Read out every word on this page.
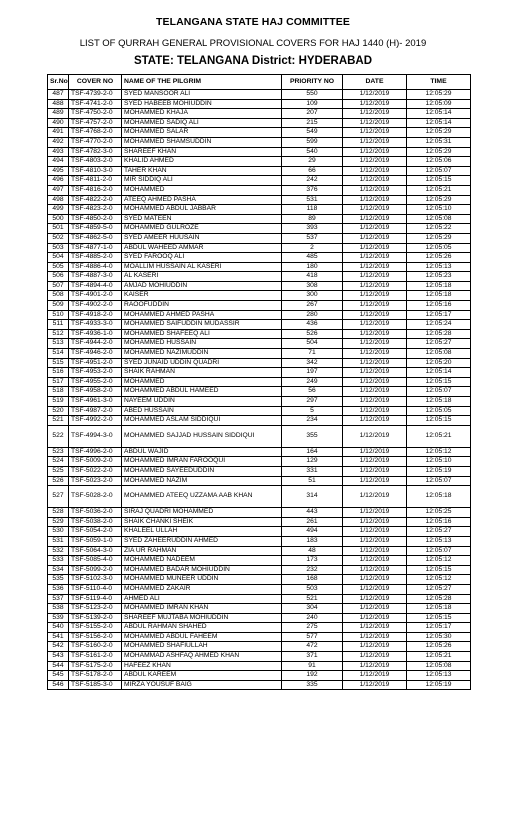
TELANGANA STATE HAJ COMMITTEE
LIST OF QURRAH GENERAL PROVISIONAL COVERS FOR HAJ 1440 (H)- 2019
STATE: TELANGANA District: HYDERABAD
Sr.No	COVER NO	NAME OF THE PILGRIM	PRIORITY NO	DATE	TIME
487	TSF-4739-2-0	SYED MANSOOR ALI	550	1/12/2019	12:05:29
488	TSF-4741-2-0	SYED HABEEB MOHIUDDIN	109	1/12/2019	12:05:09
489	TSF-4750-2-0	MOHAMMED KHAJA	207	1/12/2019	12:05:14
490	TSF-4757-2-0	MOHAMMED SADIQ ALI	215	1/12/2019	12:05:14
491	TSF-4768-2-0	MOHAMMED SALAR	549	1/12/2019	12:05:29
492	TSF-4770-2-0	MOHAMMED SHAMSUDDIN	599	1/12/2019	12:05:31
493	TSF-4782-3-0	SHAREEF KHAN	540	1/12/2019	12:05:29
494	TSF-4803-2-0	KHALID AHMED	29	1/12/2019	12:05:06
495	TSF-4810-3-0	TAHER KHAN	66	1/12/2019	12:05:07
496	TSF-4811-2-0	MIR SIDDIQ ALI	242	1/12/2019	12:05:15
497	TSF-4816-2-0	MOHAMMED	376	1/12/2019	12:05:21
498	TSF-4822-2-0	ATEEQ AHMED PASHA	531	1/12/2019	12:05:29
499	TSF-4823-2-0	MOHAMMED ABDUL JABBAR	118	1/12/2019	12:05:10
500	TSF-4850-2-0	SYED MATEEN	89	1/12/2019	12:05:08
501	TSF-4859-5-0	MOHAMMED GULROZE	393	1/12/2019	12:05:22
502	TSF-4862-5-0	SYED AMEER HUUSAIN	537	1/12/2019	12:05:29
503	TSF-4877-1-0	ABDUL WAHEED AMMAR	2	1/12/2019	12:05:05
504	TSF-4885-2-0	SYED FAROOQ ALI	485	1/12/2019	12:05:26
505	TSF-4886-4-0	MOALLIM HUSSAIN AL KASERI	180	1/12/2019	12:05:13
506	TSF-4887-3-0	AL KASERI	418	1/12/2019	12:05:23
507	TSF-4894-4-0	AMJAD MOHIUDDIN	308	1/12/2019	12:05:18
508	TSF-4901-2-0	KAISER	300	1/12/2019	12:05:18
509	TSF-4902-2-0	RAOOFUDDIN	267	1/12/2019	12:05:16
510	TSF-4918-2-0	MOHAMMED AHMED PASHA	280	1/12/2019	12:05:17
511	TSF-4933-3-0	MOHAMMED SAIFUDDIN MUDASSIR	436	1/12/2019	12:05:24
512	TSF-4936-1-0	MOHAMMED SHAFEEQ ALI	526	1/12/2019	12:05:28
513	TSF-4944-2-0	MOHAMMED HUSSAIN	504	1/12/2019	12:05:27
514	TSF-4946-2-0	MOHAMMED NAZIMUDDIN	71	1/12/2019	12:05:08
515	TSF-4951-2-0	SYED JUNAID UDDIN QUADRI	342	1/12/2019	12:05:20
516	TSF-4953-2-0	SHAIK RAHMAN	197	1/12/2019	12:05:14
517	TSF-4955-2-0	MOHAMMED	249	1/12/2019	12:05:15
518	TSF-4958-2-0	MOHAMMED ABDUL HAMEED	56	1/12/2019	12:05:07
519	TSF-4961-3-0	NAYEEM UDDIN	297	1/12/2019	12:05:18
520	TSF-4987-2-0	ABED HUSSAIN	5	1/12/2019	12:05:05
521	TSF-4992-2-0	MOHAMMED ASLAM SIDDIQUI	234	1/12/2019	12:05:15
522	TSF-4994-3-0	MOHAMMED SAJJAD HUSSAIN SIDDIQUI	355	1/12/2019	12:05:21
523	TSF-4996-2-0	ABDUL WAJID	164	1/12/2019	12:05:12
524	TSF-5009-2-0	MOHAMMED IMRAN FAROOQUI	129	1/12/2019	12:05:10
525	TSF-5022-2-0	MOHAMMED SAYEEDUDDIN	331	1/12/2019	12:05:19
526	TSF-5023-2-0	MOHAMMED NAZIM	51	1/12/2019	12:05:07
527	TSF-5028-2-0	MOHAMMED ATEEQ UZZAMA AAB KHAN	314	1/12/2019	12:05:18
528	TSF-5036-2-0	SIRAJ QUADRI MOHAMMED	443	1/12/2019	12:05:25
529	TSF-5038-2-0	SHAIK CHANKI SHEIK	261	1/12/2019	12:05:16
530	TSF-5054-2-0	KHALEEL ULLAH	494	1/12/2019	12:05:27
531	TSF-5059-1-0	SYED ZAHEERUDDIN AHMED	183	1/12/2019	12:05:13
532	TSF-5064-3-0	ZIA UR RAHMAN	48	1/12/2019	12:05:07
533	TSF-5085-4-0	MOHAMMED NADEEM	173	1/12/2019	12:05:12
534	TSF-5099-2-0	MOHAMMED BADAR MOHIUDDIN	232	1/12/2019	12:05:15
535	TSF-5102-3-0	MOHAMMED MUNEER UDDIN	168	1/12/2019	12:05:12
536	TSF-5110-4-0	MOHAMMED ZAKAIR	503	1/12/2019	12:05:27
537	TSF-5119-4-0	AHMED ALI	521	1/12/2019	12:05:28
538	TSF-5123-2-0	MOHAMMED IMRAN KHAN	304	1/12/2019	12:05:18
539	TSF-5139-2-0	SHAREEF MUJTABA MOHIUDDIN	240	1/12/2019	12:05:15
540	TSF-5155-2-0	ABDUL RAHMAN SHAHED	275	1/12/2019	12:05:17
541	TSF-5156-2-0	MOHAMMED ABDUL FAHEEM	577	1/12/2019	12:05:30
542	TSF-5160-2-0	MOHAMMED SHAFIULLAH	472	1/12/2019	12:05:26
543	TSF-5161-2-0	MOHAMMAD ASHFAQ AHMED KHAN	371	1/12/2019	12:05:21
544	TSF-5175-2-0	HAFEEZ KHAN	91	1/12/2019	12:05:08
545	TSF-5178-2-0	ABDUL KAREEM	192	1/12/2019	12:05:13
546	TSF-5185-3-0	MIRZA YOUSUF BAIG	335	1/12/2019	12:05:19
